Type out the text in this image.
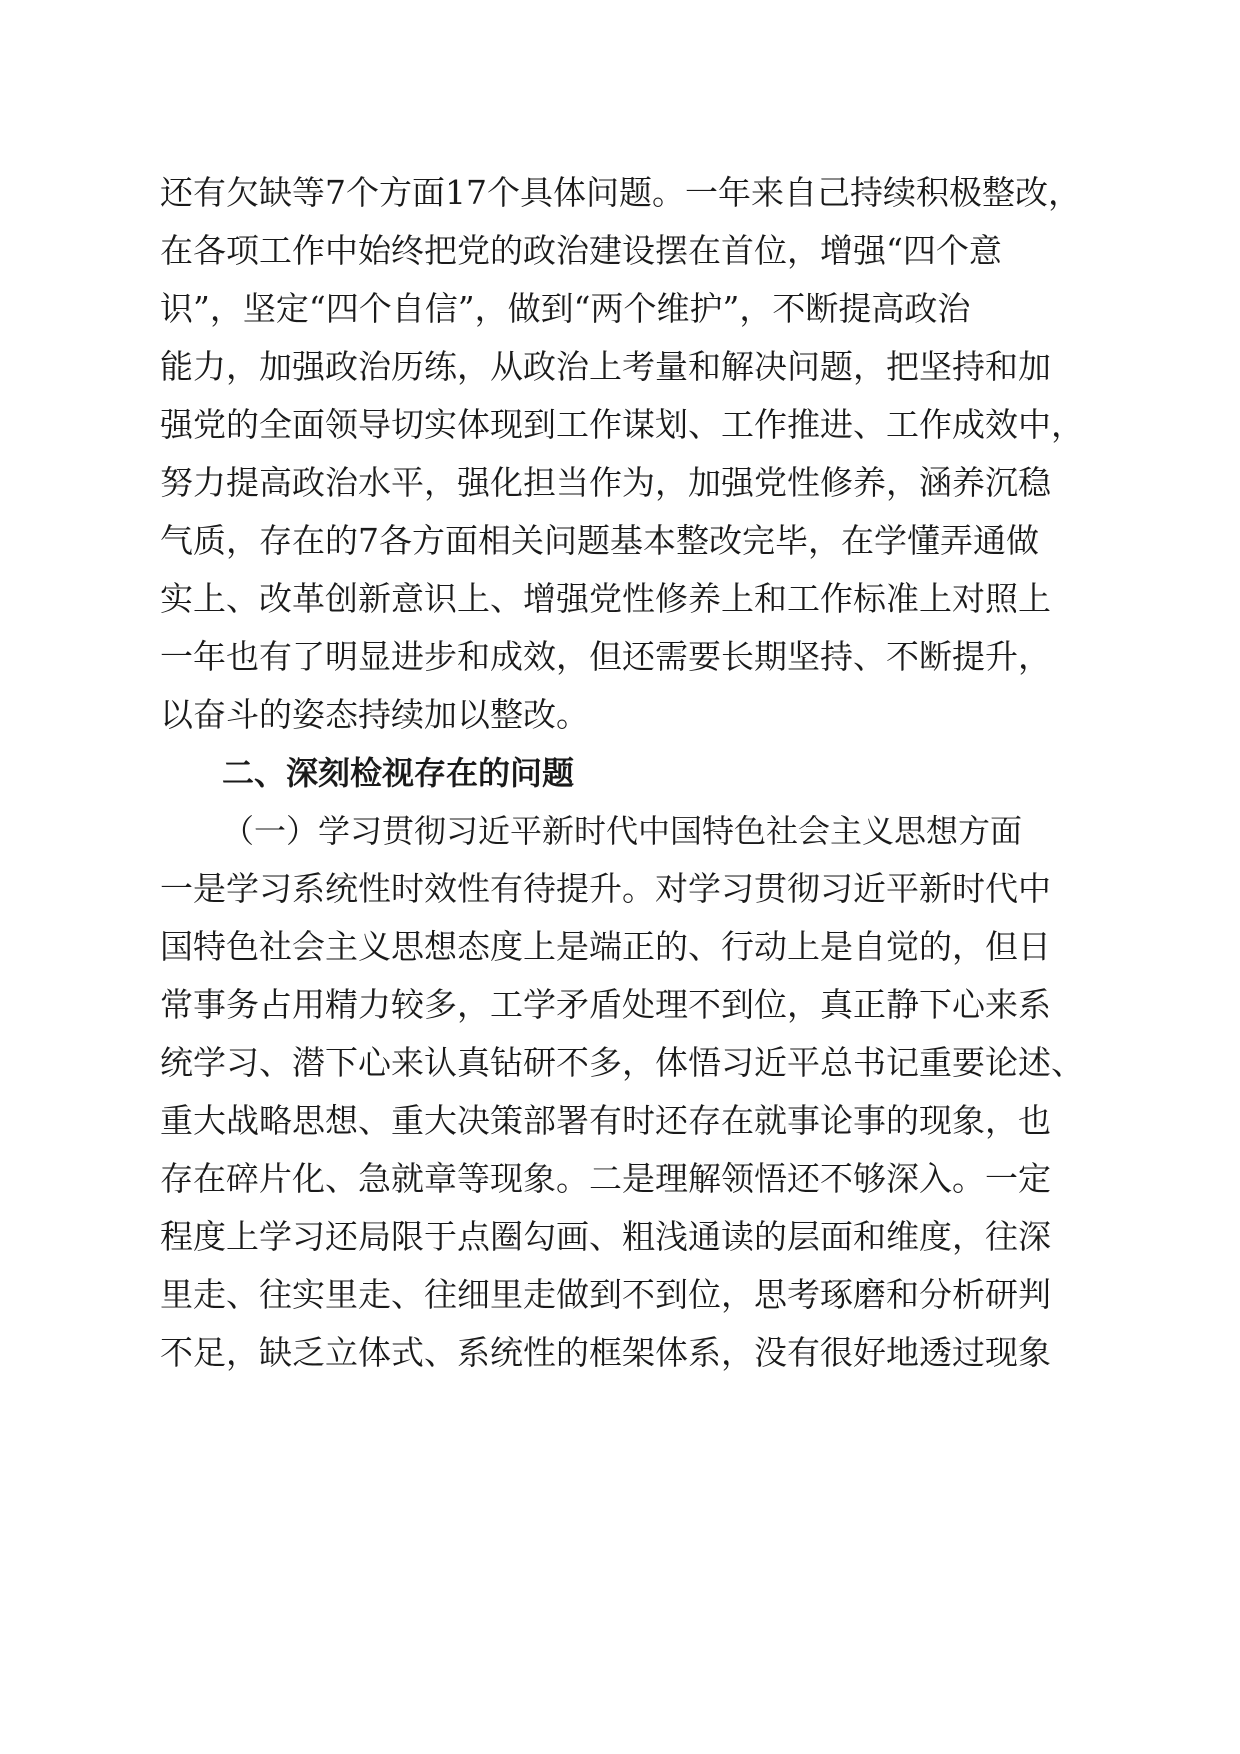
还有欠缺等7个方面17个具体问题。一年来自己持续积极整改，
在各项工作中始终把党的政治建设摆在首位，增强“四个意
识”，坚定“四个自信”，做到“两个维护”，不断提高政治
能力，加强政治历练，从政治上考量和解决问题，把坚持和加
强党的全面领导切实体现到工作谋划、工作推进、工作成效中，
努力提高政治水平，强化担当作为，加强党性修养，涵养沉稳
气质，存在的7各方面相关问题基本整改完毕，在学懂弄通做
实上、改革创新意识上、增强党性修养上和工作标准上对照上
一年也有了明显进步和成效，但还需要长期坚持、不断提升，
以奋斗的姿态持续加以整改。
二、深刻检视存在的问题
（一）学习贯彻习近平新时代中国特色社会主义思想方面
一是学习系统性时效性有待提升。对学习贯彻习近平新时代中
国特色社会主义思想态度上是端正的、行动上是自觉的，但日
常事务占用精力较多，工学矛盾处理不到位，真正静下心来系
统学习、潜下心来认真钻研不多，体悟习近平总书记重要论述、
重大战略思想、重大决策部署有时还存在就事论事的现象，也
存在碎片化、急就章等现象。二是理解领悟还不够深入。一定
程度上学习还局限于点圈勾画、粗浅通读的层面和维度，往深
里走、往实里走、往细里走做到不到位，思考琢磨和分析研判
不足，缺乏立体式、系统性的框架体系，没有很好地透过现象
